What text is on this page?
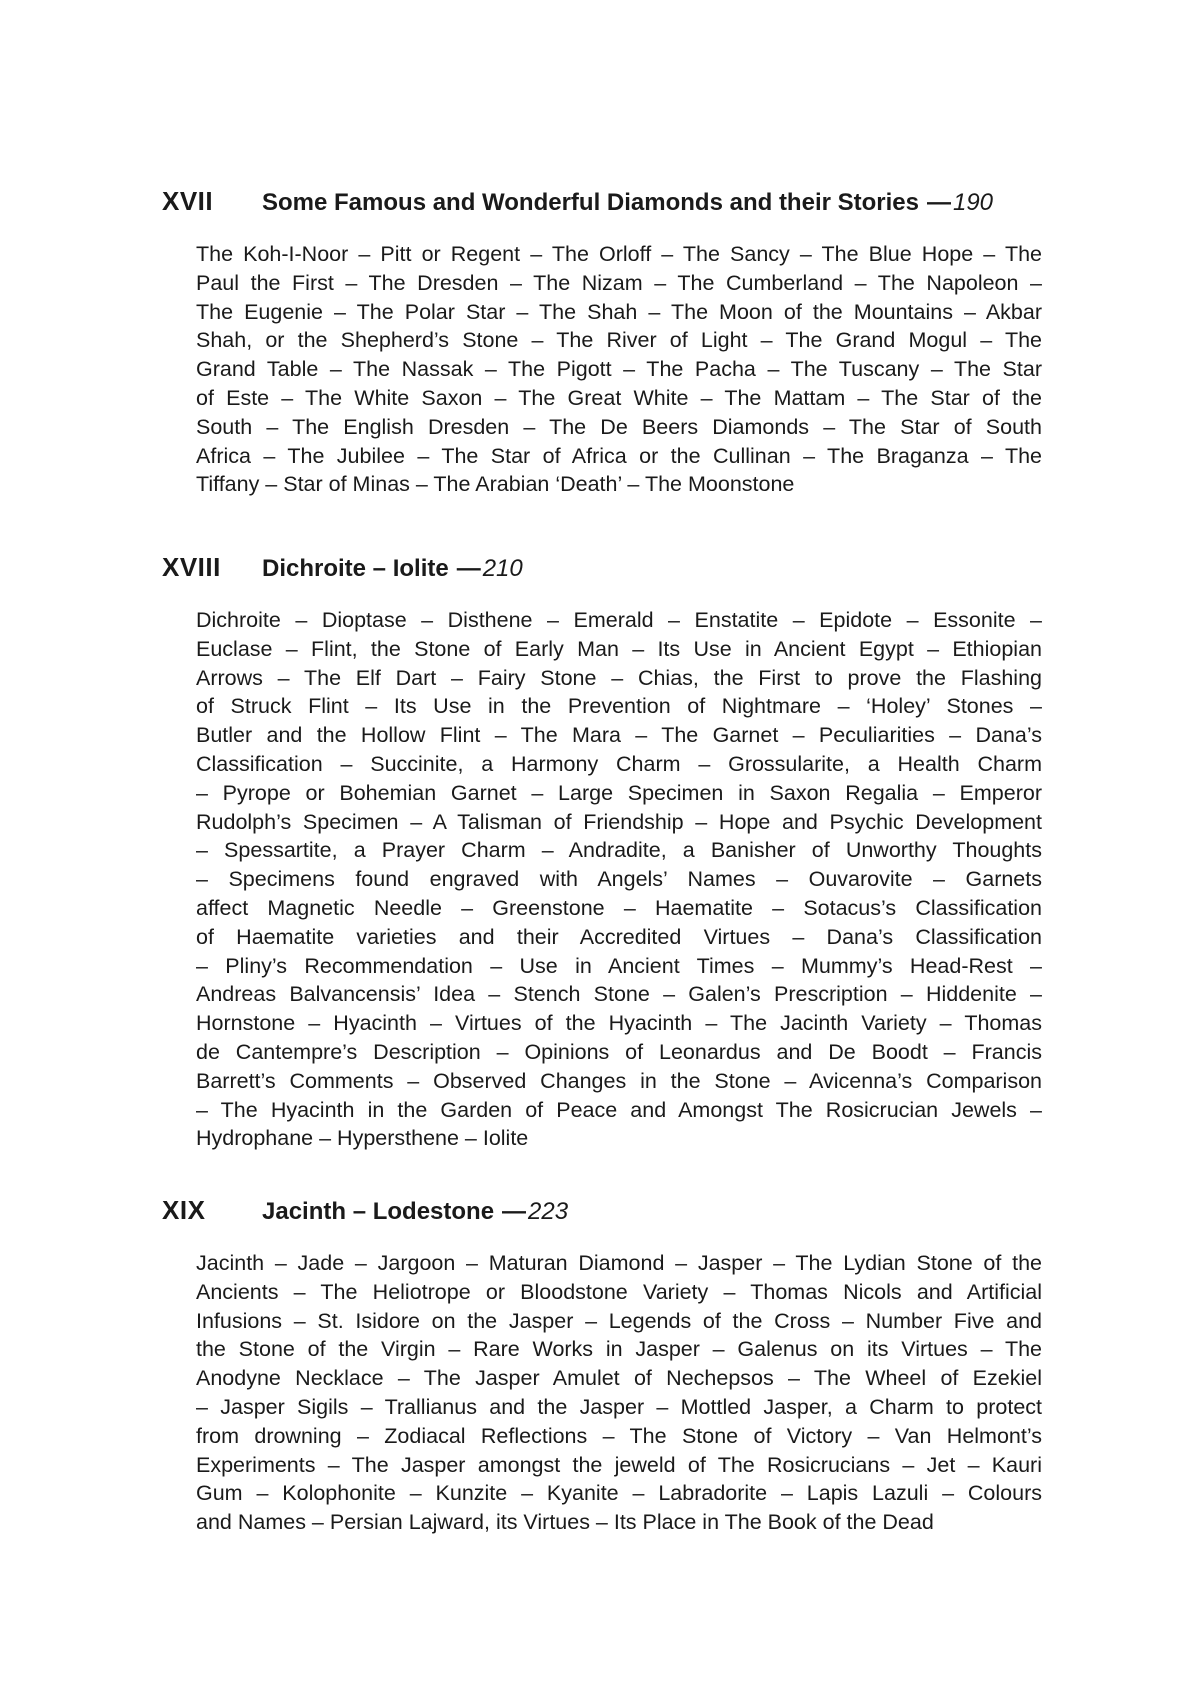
XVII	Some Famous and Wonderful Diamonds and their Stories — 190
The Koh-I-Noor – Pitt or Regent – The Orloff – The Sancy – The Blue Hope – The
Paul the First – The Dresden – The Nizam – The Cumberland – The Napoleon –
The Eugenie – The Polar Star – The Shah – The Moon of the Mountains – Akbar
Shah, or the Shepherd’s Stone – The River of Light – The Grand Mogul – The
Grand Table – The Nassak – The Pigott – The Pacha – The Tuscany – The Star
of Este – The White Saxon – The Great White – The Mattam – The Star of the
South – The English Dresden – The De Beers Diamonds – The Star of South
Africa – The Jubilee – The Star of Africa or the Cullinan – The Braganza – The
Tiffany – Star of Minas – The Arabian ‘Death’ – The Moonstone
XVIII	Dichroite – Iolite — 210
Dichroite – Dioptase – Disthene – Emerald – Enstatite – Epidote – Essonite –
Euclase – Flint, the Stone of Early Man – Its Use in Ancient Egypt – Ethiopian
Arrows – The Elf Dart – Fairy Stone – Chias, the First to prove the Flashing
of Struck Flint – Its Use in the Prevention of Nightmare – ‘Holey’ Stones –
Butler and the Hollow Flint – The Mara – The Garnet – Peculiarities – Dana’s
Classification – Succinite, a Harmony Charm – Grossularite, a Health Charm
– Pyrope or Bohemian Garnet – Large Specimen in Saxon Regalia – Emperor
Rudolph’s Specimen – A Talisman of Friendship – Hope and Psychic Development
– Spessartite, a Prayer Charm – Andradite, a Banisher of Unworthy Thoughts
– Specimens found engraved with Angels’ Names – Ouvarovite – Garnets
affect Magnetic Needle – Greenstone – Haematite – Sotacus’s Classification
of Haematite varieties and their Accredited Virtues – Dana’s Classification
– Pliny’s Recommendation – Use in Ancient Times – Mummy’s Head-Rest –
Andreas Balvancensis’ Idea – Stench Stone – Galen’s Prescription – Hiddenite –
Hornstone – Hyacinth – Virtues of the Hyacinth – The Jacinth Variety – Thomas
de Cantempre’s Description – Opinions of Leonardus and De Boodt – Francis
Barrett’s Comments – Observed Changes in the Stone – Avicenna’s Comparison
– The Hyacinth in the Garden of Peace and Amongst The Rosicrucian Jewels –
Hydrophane – Hypersthene – Iolite
XIX	Jacinth – Lodestone — 223
Jacinth – Jade – Jargoon – Maturan Diamond – Jasper – The Lydian Stone of the
Ancients – The Heliotrope or Bloodstone Variety – Thomas Nicols and Artificial
Infusions – St. Isidore on the Jasper – Legends of the Cross – Number Five and
the Stone of the Virgin – Rare Works in Jasper – Galenus on its Virtues – The
Anodyne Necklace – The Jasper Amulet of Nechepsos – The Wheel of Ezekiel
– Jasper Sigils – Trallianus and the Jasper – Mottled Jasper, a Charm to protect
from drowning – Zodiacal Reflections – The Stone of Victory – Van Helmont’s
Experiments – The Jasper amongst the jeweld of The Rosicrucians – Jet – Kauri
Gum – Kolophonite – Kunzite – Kyanite – Labradorite – Lapis Lazuli – Colours
and Names – Persian Lajward, its Virtues – Its Place in The Book of the Dead
